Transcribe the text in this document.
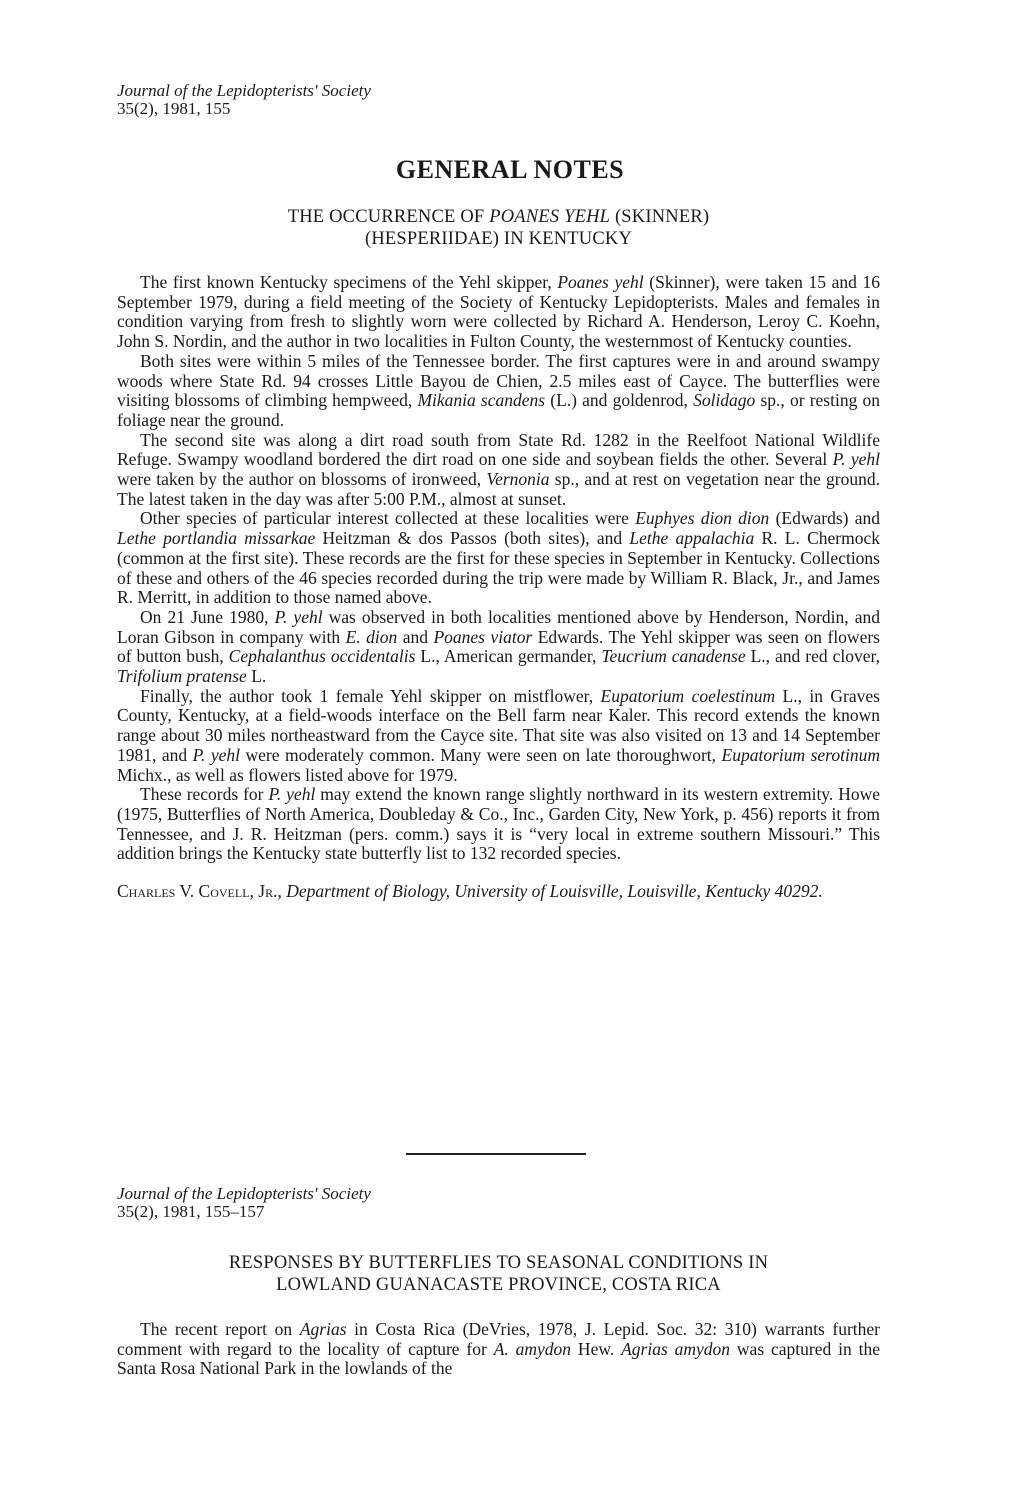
Journal of the Lepidopterists' Society
35(2), 1981, 155
GENERAL NOTES
THE OCCURRENCE OF POANES YEHL (SKINNER)
(HESPERIIDAE) IN KENTUCKY

The first known Kentucky specimens of the Yehl skipper, Poanes yehl (Skinner), were taken 15 and 16 September 1979, during a field meeting of the Society of Kentucky Lepidopterists. Males and females in condition varying from fresh to slightly worn were collected by Richard A. Henderson, Leroy C. Koehn, John S. Nordin, and the author in two localities in Fulton County, the westernmost of Kentucky counties.

Both sites were within 5 miles of the Tennessee border. The first captures were in and around swampy woods where State Rd. 94 crosses Little Bayou de Chien, 2.5 miles east of Cayce. The butterflies were visiting blossoms of climbing hempweed, Mikania scandens (L.) and goldenrod, Solidago sp., or resting on foliage near the ground.

The second site was along a dirt road south from State Rd. 1282 in the Reelfoot National Wildlife Refuge. Swampy woodland bordered the dirt road on one side and soybean fields the other. Several P. yehl were taken by the author on blossoms of ironweed, Vernonia sp., and at rest on vegetation near the ground. The latest taken in the day was after 5:00 P.M., almost at sunset.

Other species of particular interest collected at these localities were Euphyes dion dion (Edwards) and Lethe portlandia missarkae Heitzman & dos Passos (both sites), and Lethe appalachia R. L. Chermock (common at the first site). These records are the first for these species in September in Kentucky. Collections of these and others of the 46 species recorded during the trip were made by William R. Black, Jr., and James R. Merritt, in addition to those named above.

On 21 June 1980, P. yehl was observed in both localities mentioned above by Henderson, Nordin, and Loran Gibson in company with E. dion and Poanes viator Edwards. The Yehl skipper was seen on flowers of button bush, Cephalanthus occidentalis L., American germander, Teucrium canadense L., and red clover, Trifolium pratense L.

Finally, the author took 1 female Yehl skipper on mistflower, Eupatorium coelestinum L., in Graves County, Kentucky, at a field-woods interface on the Bell farm near Kaler. This record extends the known range about 30 miles northeastward from the Cayce site. That site was also visited on 13 and 14 September 1981, and P. yehl were moderately common. Many were seen on late thoroughwort, Eupatorium serotinum Michx., as well as flowers listed above for 1979.

These records for P. yehl may extend the known range slightly northward in its western extremity. Howe (1975, Butterflies of North America, Doubleday & Co., Inc., Garden City, New York, p. 456) reports it from Tennessee, and J. R. Heitzman (pers. comm.) says it is “very local in extreme southern Missouri.” This addition brings the Kentucky state butterfly list to 132 recorded species.

Charles V. Covell, Jr., Department of Biology, University of Louisville, Louisville, Kentucky 40292.

Journal of the Lepidopterists' Society
35(2), 1981, 155–157
RESPONSES BY BUTTERFLIES TO SEASONAL CONDITIONS IN
LOWLAND GUANACASTE PROVINCE, COSTA RICA

The recent report on Agrias in Costa Rica (DeVries, 1978, J. Lepid. Soc. 32: 310) warrants further comment with regard to the locality of capture for A. amydon Hew. Agrias amydon was captured in the Santa Rosa National Park in the lowlands of the
